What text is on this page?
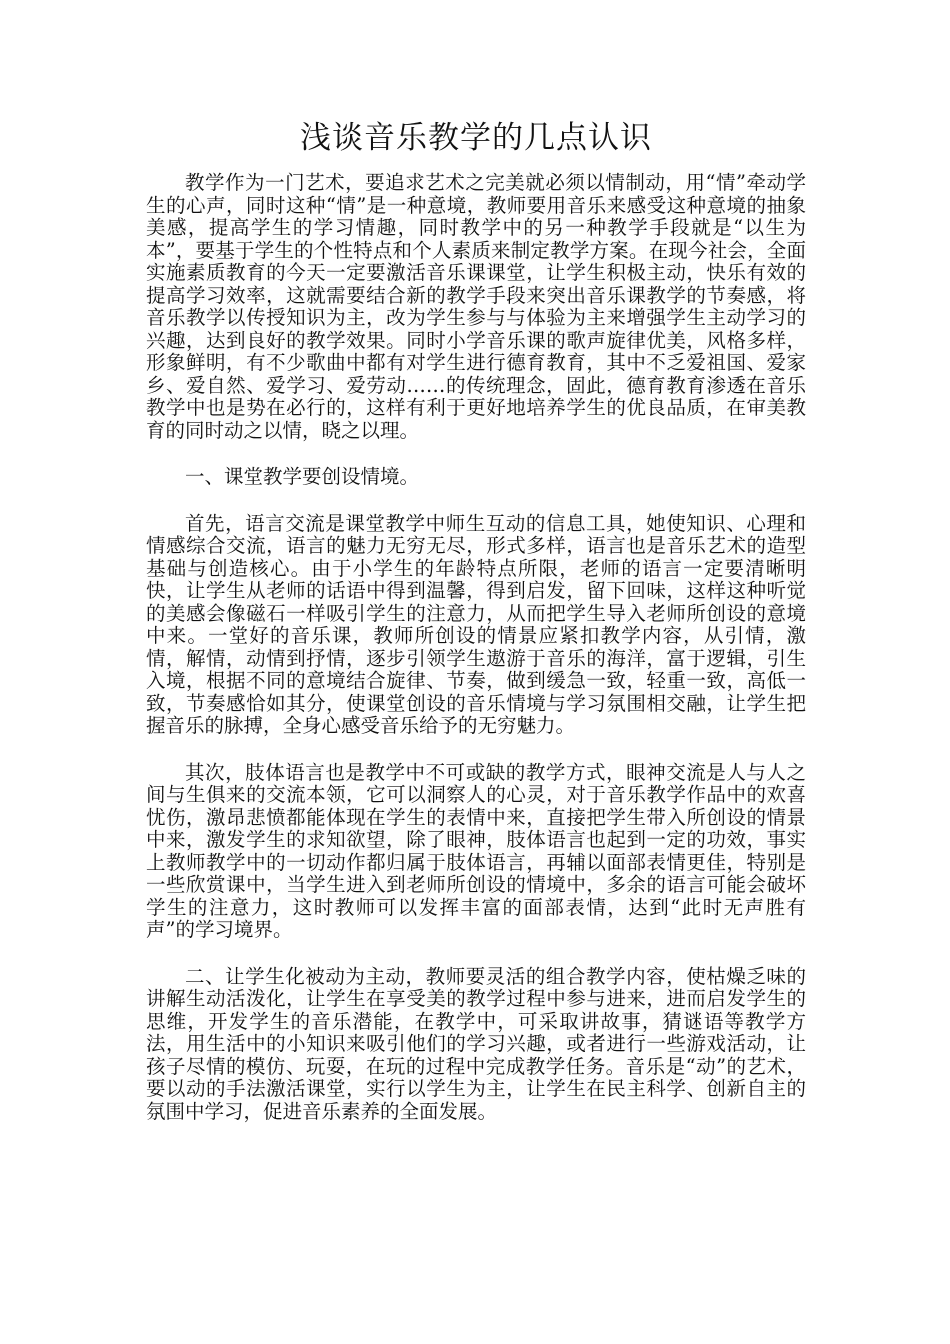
浅谈音乐教学的几点认识

教学作为一门艺术，要追求艺术之完美就必须以情制动，用“情”牵动学生的心声，同时这种“情”是一种意境，教师要用音乐来感受这种意境的抽象美感，提高学生的学习情趣，同时教学中的另一种教学手段就是“以生为本”，要基于学生的个性特点和个人素质来制定教学方案。在现今社会，全面实施素质教育的今天一定要激活音乐课课堂，让学生积极主动，快乐有效的提高学习效率，这就需要结合新的教学手段来突出音乐课教学的节奏感，将音乐教学以传授知识为主，改为学生参与与体验为主来增强学生主动学习的兴趣，达到良好的教学效果。同时小学音乐课的歌声旋律优美，风格多样，形象鲜明，有不少歌曲中都有对学生进行德育教育，其中不乏爱祖国、爱家乡、爱自然、爱学习、爱劳动……的传统理念，固此，德育教育渗透在音乐教学中也是势在必行的，这样有利于更好地培养学生的优良品质，在审美教育的同时动之以情，晓之以理。

一、课堂教学要创设情境。

首先，语言交流是课堂教学中师生互动的信息工具，她使知识、心理和情感综合交流，语言的魅力无穷无尽，形式多样，语言也是音乐艺术的造型基础与创造核心。由于小学生的年龄特点所限，老师的语言一定要清晰明快，让学生从老师的话语中得到温馨，得到启发，留下回味，这样这种听觉的美感会像磁石一样吸引学生的注意力，从而把学生导入老师所创设的意境中来。一堂好的音乐课，教师所创设的情景应紧扣教学内容，从引情，激情，解情，动情到抒情，逐步引领学生遨游于音乐的海洋，富于逻辑，引生入境，根据不同的意境结合旋律、节奏，做到缓急一致，轻重一致，高低一致，节奏感恰如其分，使课堂创设的音乐情境与学习氛围相交融，让学生把握音乐的脉搏，全身心感受音乐给予的无穷魅力。

其次，肢体语言也是教学中不可或缺的教学方式，眼神交流是人与人之间与生俱来的交流本领，它可以洞察人的心灵，对于音乐教学作品中的欢喜忧伤，激昂悲愤都能体现在学生的表情中来，直接把学生带入所创设的情景中来，激发学生的求知欲望，除了眼神，肢体语言也起到一定的功效，事实上教师教学中的一切动作都归属于肢体语言，再辅以面部表情更佳，特别是一些欣赏课中，当学生进入到老师所创设的情境中，多余的语言可能会破坏学生的注意力，这时教师可以发挥丰富的面部表情，达到“此时无声胜有声”的学习境界。

二、让学生化被动为主动，教师要灵活的组合教学内容，使枯燥乏味的讲解生动活泼化，让学生在享受美的教学过程中参与进来，进而启发学生的思维，开发学生的音乐潜能，在教学中，可采取讲故事，猜谜语等教学方法，用生活中的小知识来吸引他们的学习兴趣，或者进行一些游戏活动，让孩子尽情的模仿、玩耍，在玩的过程中完成教学任务。音乐是“动”的艺术，要以动的手法激活课堂，实行以学生为主，让学生在民主科学、创新自主的氛围中学习，促进音乐素养的全面发展。
